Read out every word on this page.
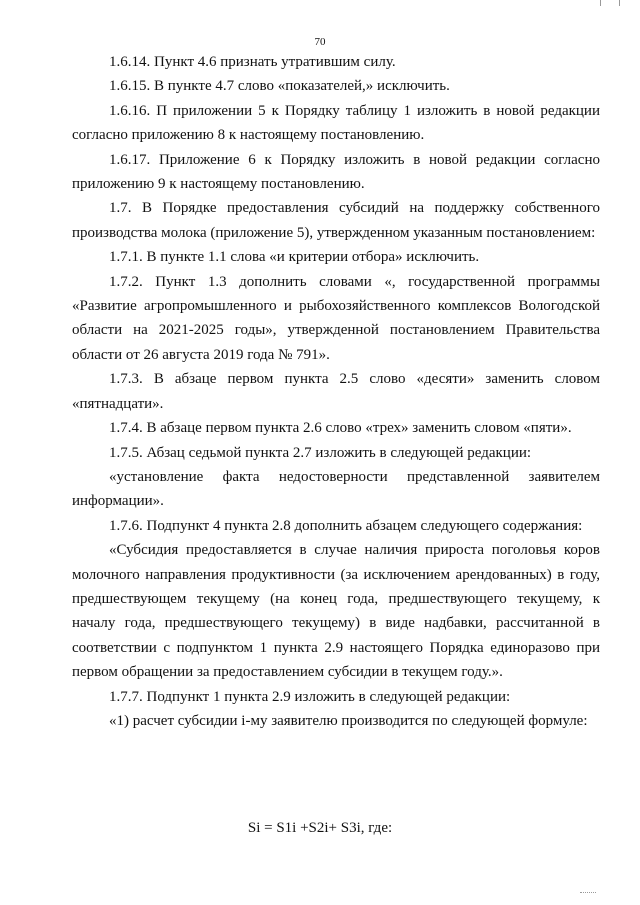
70

1.6.14. Пункт 4.6 признать утратившим силу.

1.6.15. В пункте 4.7 слово «показателей,» исключить.

1.6.16. П приложении 5 к Порядку таблицу 1 изложить в новой редакции согласно приложению 8 к настоящему постановлению.

1.6.17. Приложение 6 к Порядку изложить в новой редакции согласно приложению 9 к настоящему постановлению.

1.7. В Порядке предоставления субсидий на поддержку собственного производства молока (приложение 5), утвержденном указанным постановлением:

1.7.1. В пункте 1.1 слова «и критерии отбора» исключить.

1.7.2. Пункт 1.3 дополнить словами «, государственной программы «Развитие агропромышленного и рыбохозяйственного комплексов Вологодской области на 2021-2025 годы», утвержденной постановлением Правительства области от 26 августа 2019 года № 791».

1.7.3. В абзаце первом пункта 2.5 слово «десяти» заменить словом «пятнадцати».

1.7.4. В абзаце первом пункта 2.6 слово «трех» заменить словом «пяти».

1.7.5. Абзац седьмой пункта 2.7 изложить в следующей редакции:

«установление факта недостоверности представленной заявителем информации».

1.7.6. Подпункт 4 пункта 2.8 дополнить абзацем следующего содержания:

«Субсидия предоставляется в случае наличия прироста поголовья коров молочного направления продуктивности (за исключением арендованных) в году, предшествующем текущему (на конец года, предшествующего текущему, к началу года, предшествующего текущему) в виде надбавки, рассчитанной в соответствии с подпунктом 1 пункта 2.9 настоящего Порядка единоразово при первом обращении за предоставлением субсидии в текущем году.».

1.7.7. Подпункт 1 пункта 2.9 изложить в следующей редакции:

«1) расчет субсидии i-му заявителю производится по следующей формуле:

Si = S1i +S2i+ S3i, где:
